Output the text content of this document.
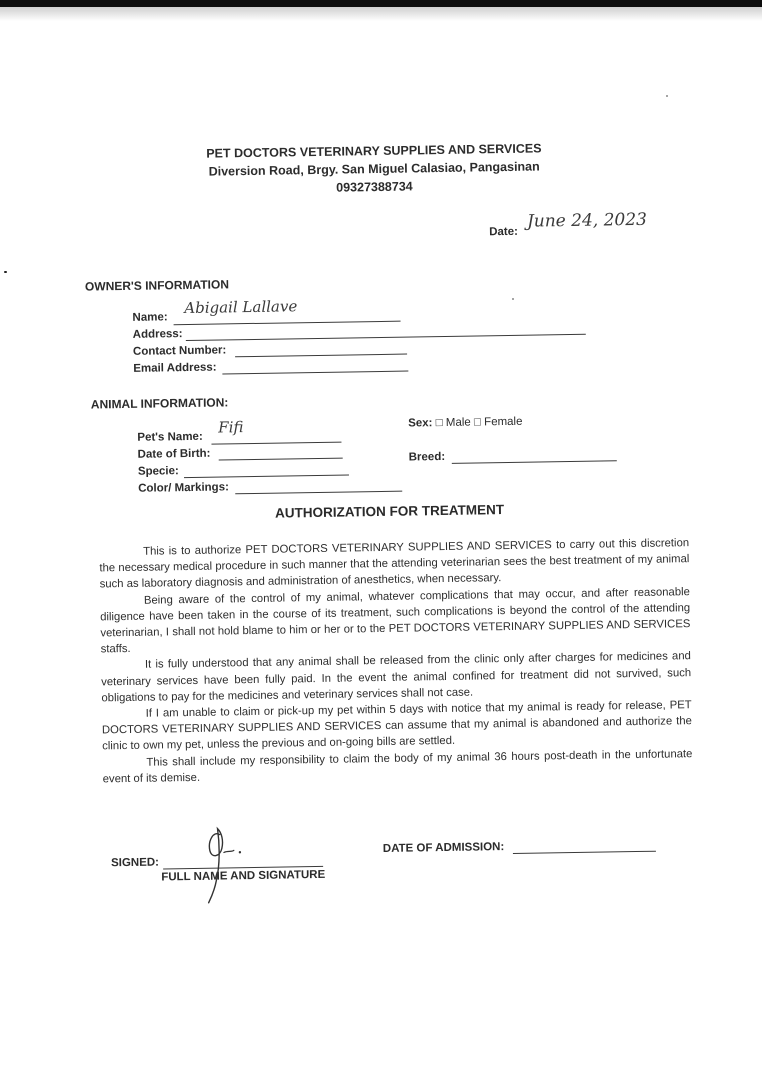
PET DOCTORS VETERINARY SUPPLIES AND SERVICES
Diversion Road, Brgy. San Miguel Calasiao, Pangasinan
09327388734
Date:
June 24, 2023
OWNER'S INFORMATION
Name:
Abigail Lallave
Address:
Contact Number:
Email Address:
ANIMAL INFORMATION:
Pet's Name:
Fifi
Date of Birth:
Specie:
Color/ Markings:
Sex: □ Male □ Female
Breed:
AUTHORIZATION FOR TREATMENT

This is to authorize PET DOCTORS VETERINARY SUPPLIES AND SERVICES to carry out this discretion the necessary medical procedure in such manner that the attending veterinarian sees the best treatment of my animal such as laboratory diagnosis and administration of anesthetics, when necessary.

Being aware of the control of my animal, whatever complications that may occur, and after reasonable diligence have been taken in the course of its treatment, such complications is beyond the control of the attending veterinarian, I shall not hold blame to him or her or to the PET DOCTORS VETERINARY SUPPLIES AND SERVICES staffs.

It is fully understood that any animal shall be released from the clinic only after charges for medicines and veterinary services have been fully paid. In the event the animal confined for treatment did not survived, such obligations to pay for the medicines and veterinary services shall not case.

If I am unable to claim or pick-up my pet within 5 days with notice that my animal is ready for release, PET DOCTORS VETERINARY SUPPLIES AND SERVICES can assume that my animal is abandoned and authorize the clinic to own my pet, unless the previous and on-going bills are settled.

This shall include my responsibility to claim the body of my animal 36 hours post-death in the unfortunate event of its demise.

SIGNED:
FULL NAME AND SIGNATURE
DATE OF ADMISSION:
